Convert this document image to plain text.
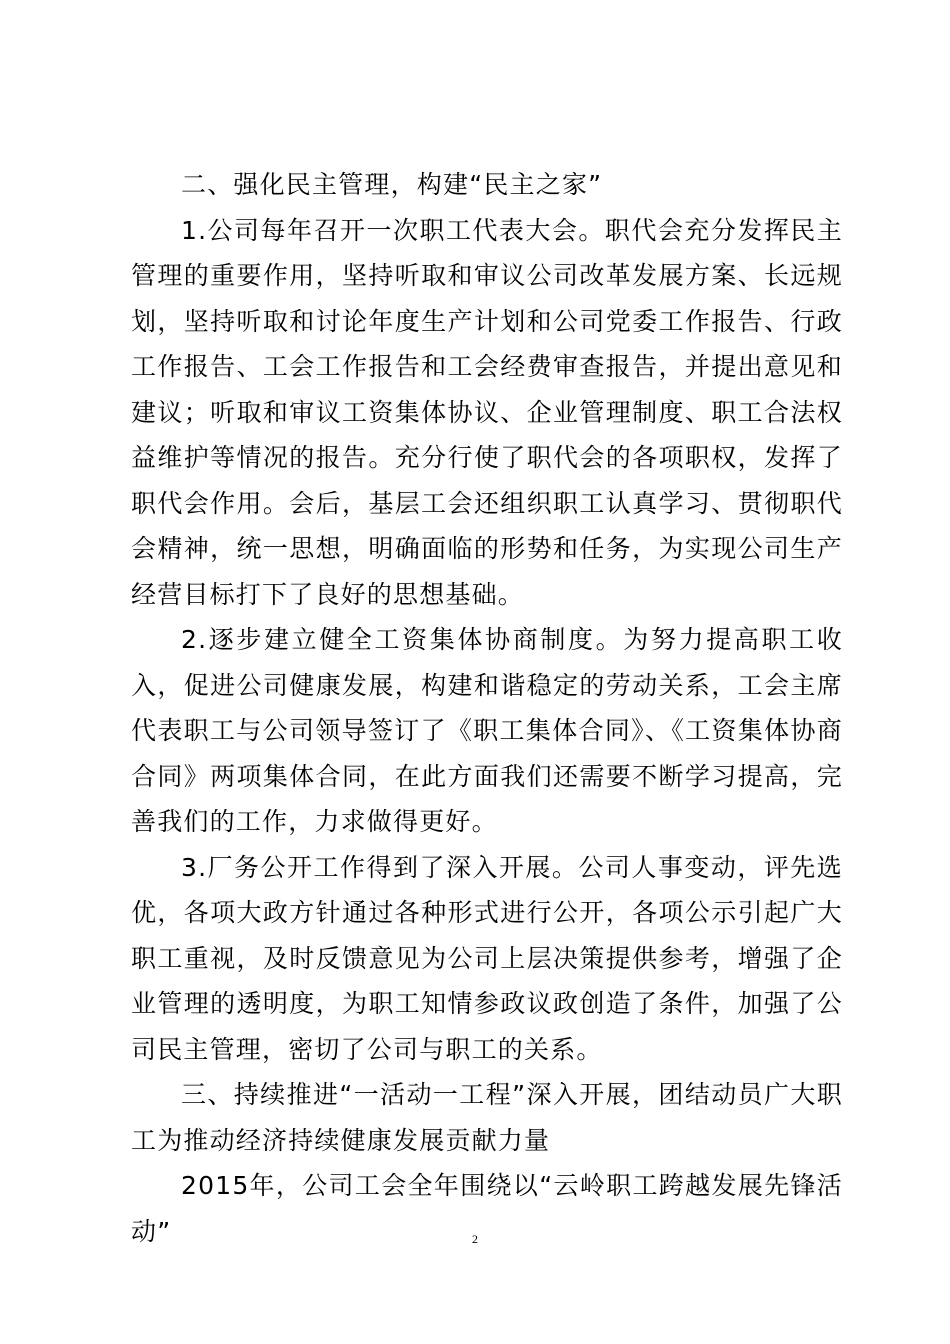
二、强化民主管理，构建“民主之家”

1.公司每年召开一次职工代表大会。职代会充分发挥民主管理的重要作用，坚持听取和审议公司改革发展方案、长远规划，坚持听取和讨论年度生产计划和公司党委工作报告、行政工作报告、工会工作报告和工会经费审查报告，并提出意见和建议；听取和审议工资集体协议、企业管理制度、职工合法权益维护等情况的报告。充分行使了职代会的各项职权，发挥了职代会作用。会后，基层工会还组织职工认真学习、贯彻职代会精神，统一思想，明确面临的形势和任务，为实现公司生产经营目标打下了良好的思想基础。

2.逐步建立健全工资集体协商制度。为努力提高职工收入，促进公司健康发展，构建和谐稳定的劳动关系，工会主席代表职工与公司领导签订了《职工集体合同》、《工资集体协商合同》两项集体合同，在此方面我们还需要不断学习提高，完善我们的工作，力求做得更好。

3.厂务公开工作得到了深入开展。公司人事变动，评先选优，各项大政方针通过各种形式进行公开，各项公示引起广大职工重视，及时反馈意见为公司上层决策提供参考，增强了企业管理的透明度，为职工知情参政议政创造了条件，加强了公司民主管理，密切了公司与职工的关系。

三、持续推进“一活动一工程”深入开展，团结动员广大职工为推动经济持续健康发展贡献力量

2015年，公司工会全年围绕以“云岭职工跨越发展先锋活动”	2
